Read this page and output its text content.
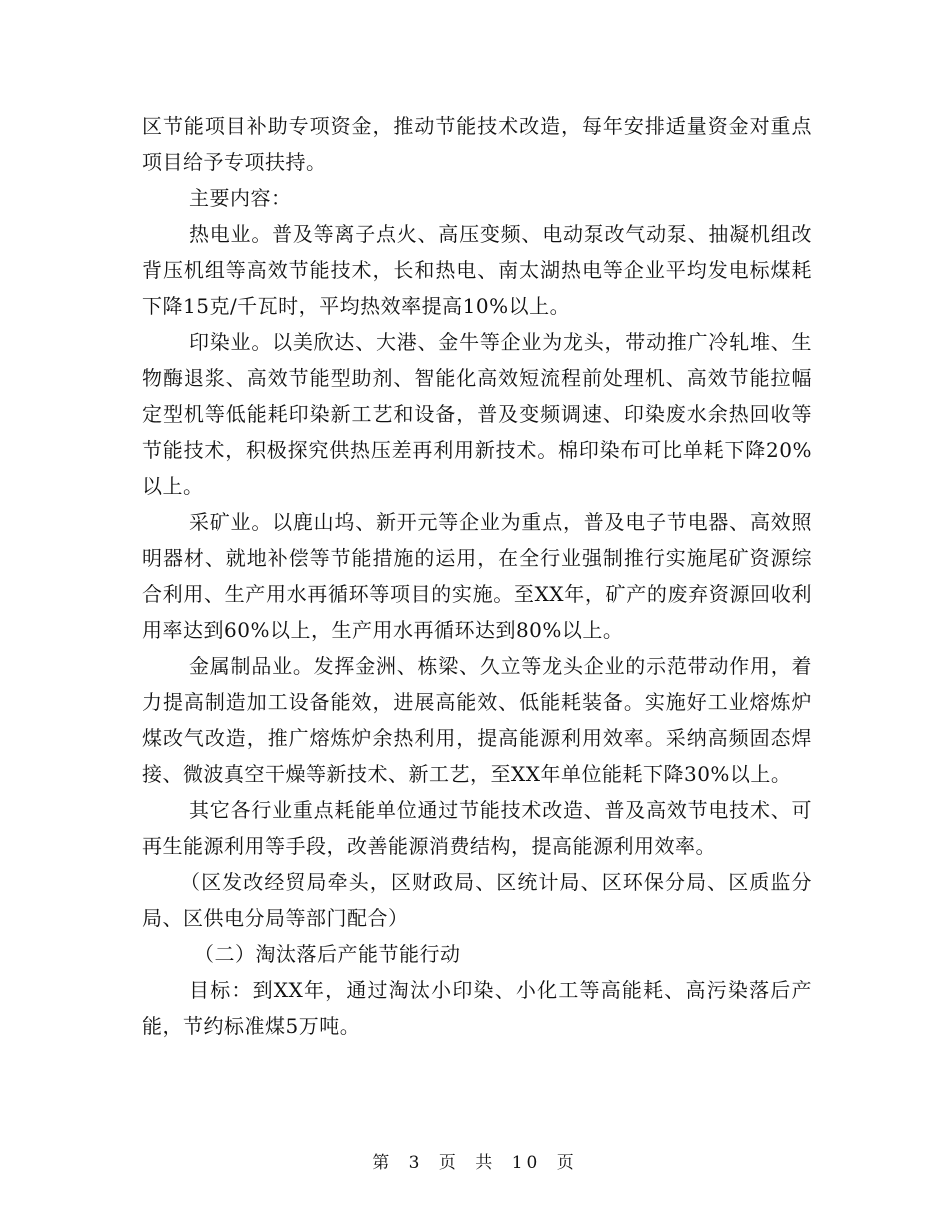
区节能项目补助专项资金，推动节能技术改造，每年安排适量资金对重点项目给予专项扶持。

主要内容：

热电业。普及等离子点火、高压变频、电动泵改气动泵、抽凝机组改背压机组等高效节能技术，长和热电、南太湖热电等企业平均发电标煤耗下降15克/千瓦时，平均热效率提高10%以上。

印染业。以美欣达、大港、金牛等企业为龙头，带动推广冷轧堆、生物酶退浆、高效节能型助剂、智能化高效短流程前处理机、高效节能拉幅定型机等低能耗印染新工艺和设备，普及变频调速、印染废水余热回收等节能技术，积极探究供热压差再利用新技术。棉印染布可比单耗下降20%以上。

采矿业。以鹿山坞、新开元等企业为重点，普及电子节电器、高效照明器材、就地补偿等节能措施的运用，在全行业强制推行实施尾矿资源综合利用、生产用水再循环等项目的实施。至XX年，矿产的废弃资源回收利用率达到60%以上，生产用水再循环达到80%以上。

金属制品业。发挥金洲、栋梁、久立等龙头企业的示范带动作用，着力提高制造加工设备能效，进展高能效、低能耗装备。实施好工业熔炼炉煤改气改造，推广熔炼炉余热利用，提高能源利用效率。采纳高频固态焊接、微波真空干燥等新技术、新工艺，至XX年单位能耗下降30%以上。

其它各行业重点耗能单位通过节能技术改造、普及高效节电技术、可再生能源利用等手段，改善能源消费结构，提高能源利用效率。

（区发改经贸局牵头，区财政局、区统计局、区环保分局、区质监分局、区供电分局等部门配合）

（二）淘汰落后产能节能行动

目标：到XX年，通过淘汰小印染、小化工等高能耗、高污染落后产能，节约标准煤5万吨。

第 3 页 共 10 页
